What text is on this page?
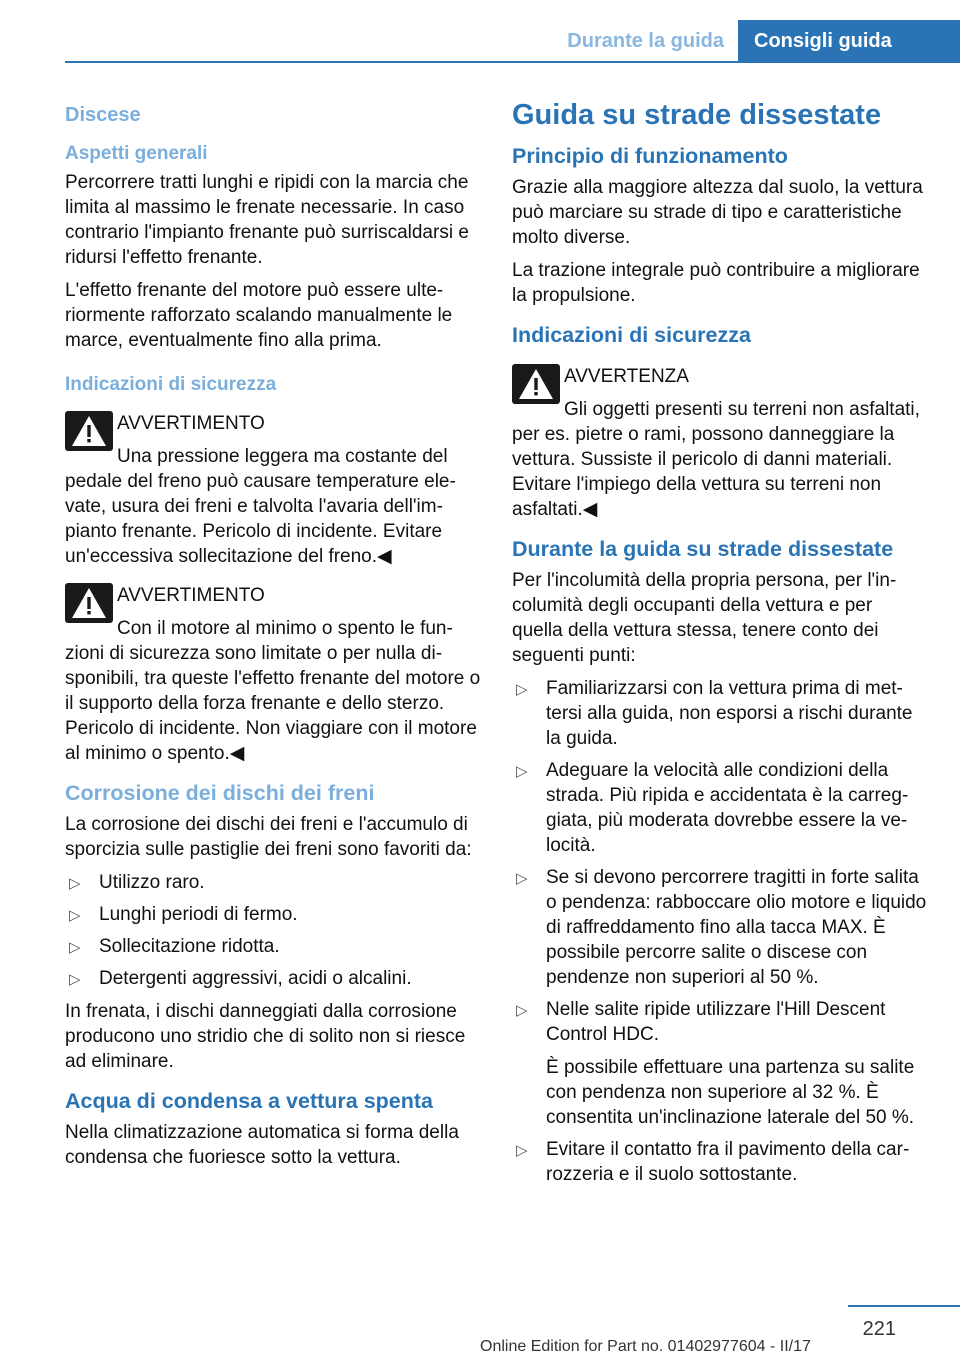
Durante la guida	Consigli guida
Discese
Aspetti generali

Percorrere tratti lunghi e ripidi con la marcia che limita al massimo le frenate necessarie. In caso contrario l'impianto frenante può surriscaldarsi e ridursi l'effetto frenante.

L'effetto frenante del motore può essere ulteriormente rafforzato scalando manualmente le marce, eventualmente fino alla prima.

Indicazioni di sicurezza
AVVERTIMENTO

Una pressione leggera ma costante del pedale del freno può causare temperature elevate, usura dei freni e talvolta l'avaria dell'impianto frenante. Pericolo di incidente. Evitare un'eccessiva sollecitazione del freno.◀

AVVERTIMENTO

Con il motore al minimo o spento le funzioni di sicurezza sono limitate o per nulla disponibili, tra queste l'effetto frenante del motore o il supporto della forza frenante e dello sterzo. Pericolo di incidente. Non viaggiare con il motore al minimo o spento.◀

Corrosione dei dischi dei freni

La corrosione dei dischi dei freni e l'accumulo di sporcizia sulle pastiglie dei freni sono favoriti da:

▷ Utilizzo raro.
▷ Lunghi periodi di fermo.
▷ Sollecitazione ridotta.
▷ Detergenti aggressivi, acidi o alcalini.

In frenata, i dischi danneggiati dalla corrosione producono uno stridio che di solito non si riesce ad eliminare.

Acqua di condensa a vettura spenta

Nella climatizzazione automatica si forma della condensa che fuoriesce sotto la vettura.

Guida su strade dissestate
Principio di funzionamento

Grazie alla maggiore altezza dal suolo, la vettura può marciare su strade di tipo e caratteristiche molto diverse.

La trazione integrale può contribuire a migliorare la propulsione.

Indicazioni di sicurezza
AVVERTENZA

Gli oggetti presenti su terreni non asfaltati, per es. pietre o rami, possono danneggiare la vettura. Sussiste il pericolo di danni materiali. Evitare l'impiego della vettura su terreni non asfaltati.◀

Durante la guida su strade dissestate

Per l'incolumità della propria persona, per l'incolumità degli occupanti della vettura e per quella della vettura stessa, tenere conto dei seguenti punti:

▷ Familiarizzarsi con la vettura prima di mettersi alla guida, non esporsi a rischi durante la guida.
▷ Adeguare la velocità alle condizioni della strada. Più ripida e accidentata è la carreggiata, più moderata dovrebbe essere la velocità.
▷ Se si devono percorrere tragitti in forte salita o pendenza: rabboccare olio motore e liquido di raffreddamento fino alla tacca MAX. È possibile percorre salite o discese con pendenze non superiori al 50 %.
▷ Nelle salite ripide utilizzare l'Hill Descent Control HDC.

È possibile effettuare una partenza su salite con pendenza non superiore al 32 %. È consentita un'inclinazione laterale del 50 %.

▷ Evitare il contatto fra il pavimento della carrozzeria e il suolo sottostante.
221
Online Edition for Part no. 01402977604 - II/17
